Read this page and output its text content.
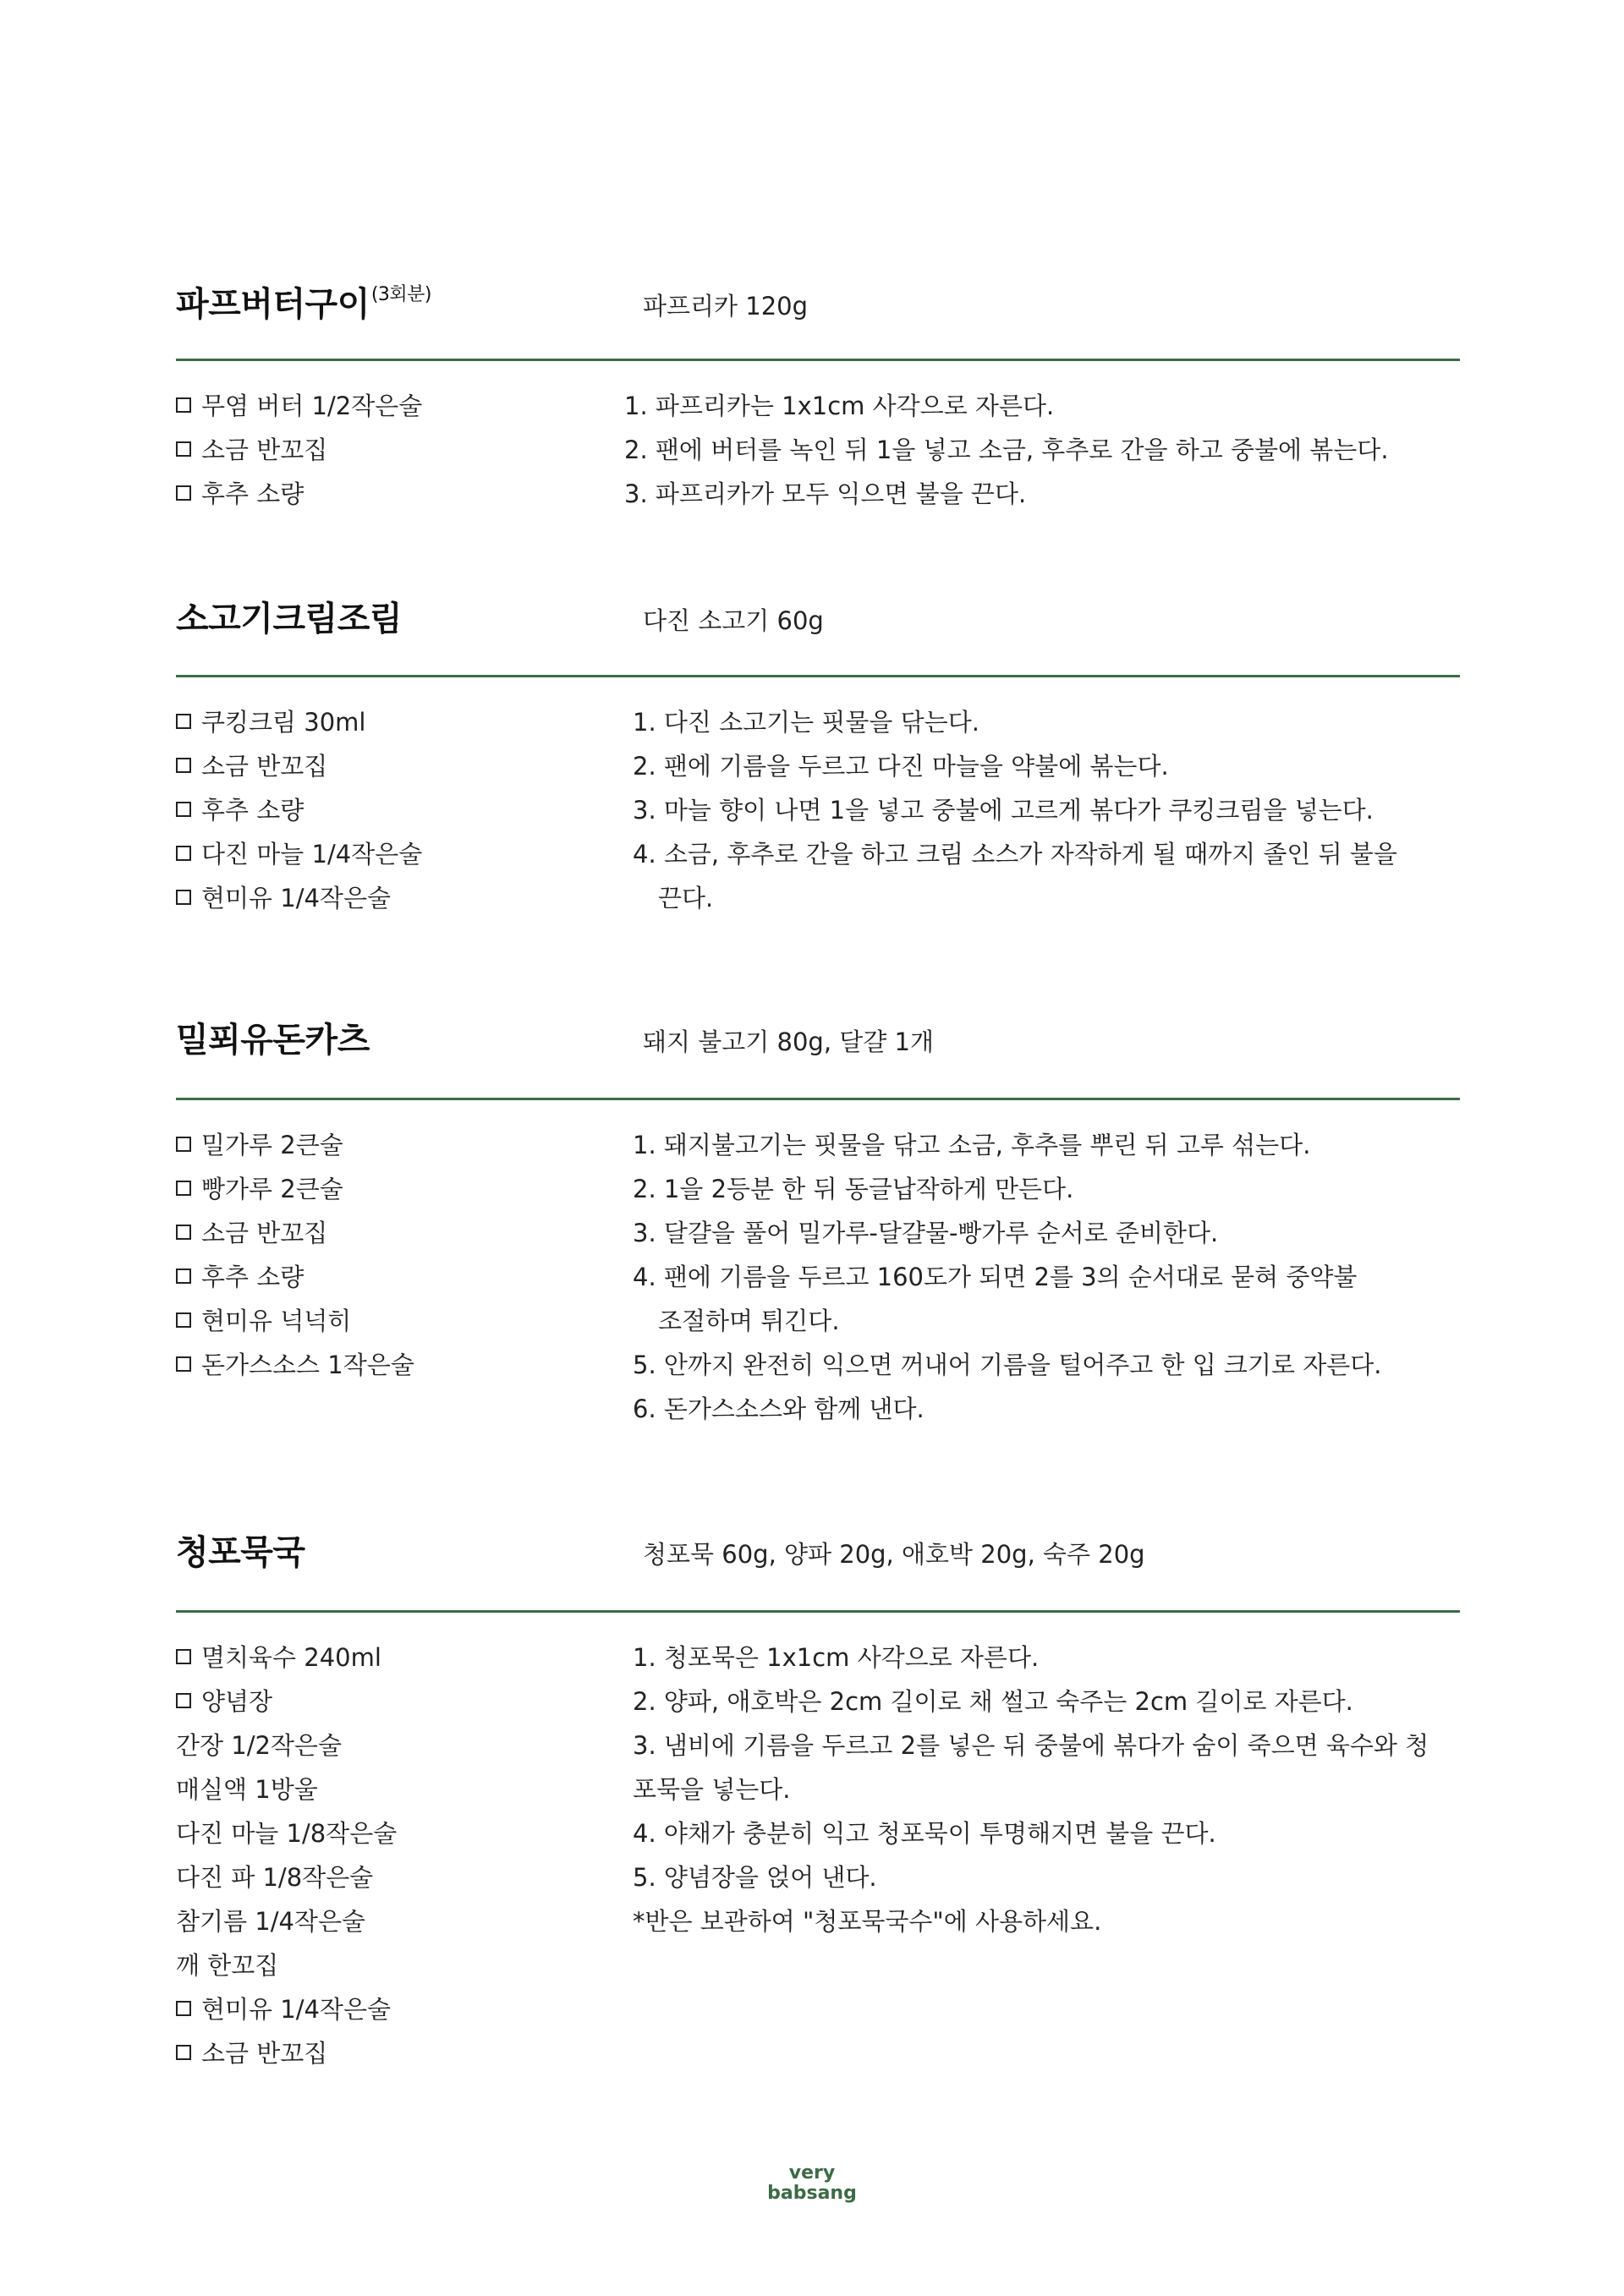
파프버터구이$^{(3회분)}$	파프리카 120g
무염 버터 1/2작은술
소금 반꼬집
후추 소량
1. 파프리카는 1x1cm 사각으로 자른다.
2. 팬에 버터를 녹인 뒤 1을 넣고 소금, 후추로 간을 하고 중불에 볶는다.
3. 파프리카가 모두 익으면 불을 끈다.
소고기크림조림	다진 소고기 60g
쿠킹크림 30ml
소금 반꼬집
후추 소량
다진 마늘 1/4작은술
현미유 1/4작은술
1. 다진 소고기는 핏물을 닦는다.
2. 팬에 기름을 두르고 다진 마늘을 약불에 볶는다.
3. 마늘 향이 나면 1을 넣고 중불에 고르게 볶다가 쿠킹크림을 넣는다.
4. 소금, 후추로 간을 하고 크림 소스가 자작하게 될 때까지 졸인 뒤 불을
끈다.
밀푀유돈카츠	돼지 불고기 80g, 달걀 1개
밀가루 2큰술
빵가루 2큰술
소금 반꼬집
후추 소량
현미유 넉넉히
돈가스소스 1작은술
1. 돼지불고기는 핏물을 닦고 소금, 후추를 뿌린 뒤 고루 섞는다.
2. 1을 2등분 한 뒤 동글납작하게 만든다.
3. 달걀을 풀어 밀가루-달걀물-빵가루 순서로 준비한다.
4. 팬에 기름을 두르고 160도가 되면 2를 3의 순서대로 묻혀 중약불
조절하며 튀긴다.
5. 안까지 완전히 익으면 꺼내어 기름을 털어주고 한 입 크기로 자른다.
6. 돈가스소스와 함께 낸다.
청포묵국	청포묵 60g, 양파 20g, 애호박 20g, 숙주 20g
멸치육수 240ml
양념장
간장 1/2작은술
매실액 1방울
다진 마늘 1/8작은술
다진 파 1/8작은술
참기름 1/4작은술
깨 한꼬집
현미유 1/4작은술
소금 반꼬집
1. 청포묵은 1x1cm 사각으로 자른다.
2. 양파, 애호박은 2cm 길이로 채 썰고 숙주는 2cm 길이로 자른다.
3. 냄비에 기름을 두르고 2를 넣은 뒤 중불에 볶다가 숨이 죽으면 육수와 청
포묵을 넣는다.
4. 야채가 충분히 익고 청포묵이 투명해지면 불을 끈다.
5. 양념장을 얹어 낸다.
*반은 보관하여 "청포묵국수"에 사용하세요.
very
babsang
